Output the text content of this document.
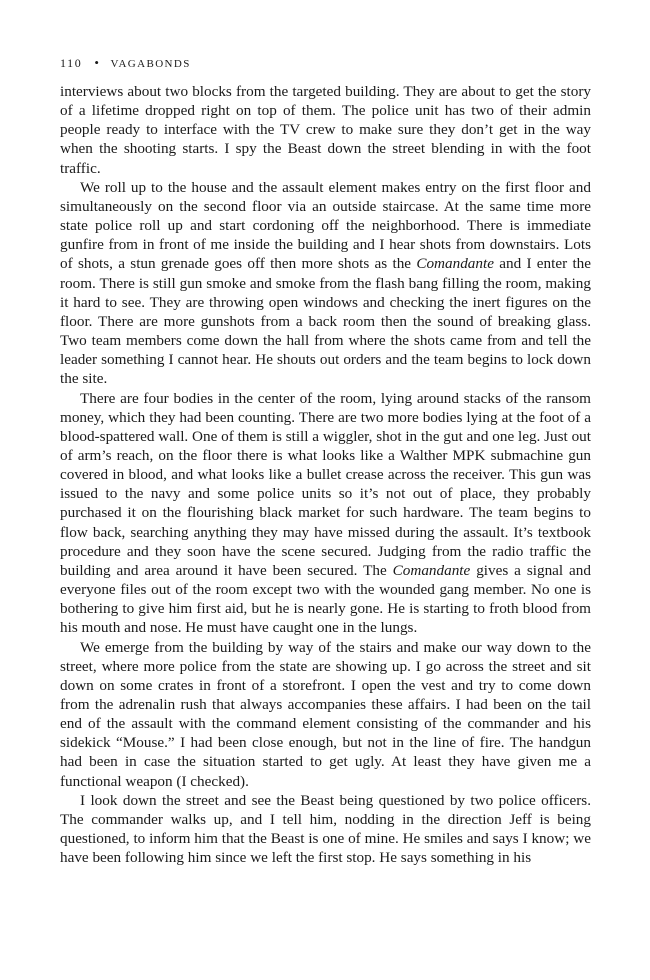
110 • VAGABONDS

interviews about two blocks from the targeted building. They are about to get the story of a lifetime dropped right on top of them. The police unit has two of their admin people ready to interface with the TV crew to make sure they don’t get in the way when the shooting starts. I spy the Beast down the street blending in with the foot traffic.

We roll up to the house and the assault element makes entry on the first floor and simultaneously on the second floor via an outside staircase. At the same time more state police roll up and start cordoning off the neighborhood. There is immediate gunfire from in front of me inside the building and I hear shots from downstairs. Lots of shots, a stun grenade goes off then more shots as the Comandante and I enter the room. There is still gun smoke and smoke from the flash bang filling the room, making it hard to see. They are throwing open windows and checking the inert figures on the floor. There are more gunshots from a back room then the sound of breaking glass. Two team members come down the hall from where the shots came from and tell the leader something I cannot hear. He shouts out orders and the team begins to lock down the site.

There are four bodies in the center of the room, lying around stacks of the ransom money, which they had been counting. There are two more bodies lying at the foot of a blood-spattered wall. One of them is still a wiggler, shot in the gut and one leg. Just out of arm’s reach, on the floor there is what looks like a Walther MPK submachine gun covered in blood, and what looks like a bullet crease across the receiver. This gun was issued to the navy and some police units so it’s not out of place, they probably purchased it on the flourishing black market for such hardware. The team begins to flow back, searching anything they may have missed during the assault. It’s textbook procedure and they soon have the scene secured. Judging from the radio traffic the building and area around it have been secured. The Comandante gives a signal and everyone files out of the room except two with the wounded gang member. No one is bothering to give him first aid, but he is nearly gone. He is starting to froth blood from his mouth and nose. He must have caught one in the lungs.

We emerge from the building by way of the stairs and make our way down to the street, where more police from the state are showing up. I go across the street and sit down on some crates in front of a storefront. I open the vest and try to come down from the adrenalin rush that always accompanies these affairs. I had been on the tail end of the assault with the command element consisting of the commander and his sidekick “Mouse.” I had been close enough, but not in the line of fire. The handgun had been in case the situation started to get ugly. At least they have given me a functional weapon (I checked).

I look down the street and see the Beast being questioned by two police officers. The commander walks up, and I tell him, nodding in the direction Jeff is being questioned, to inform him that the Beast is one of mine. He smiles and says I know; we have been following him since we left the first stop. He says something in his
